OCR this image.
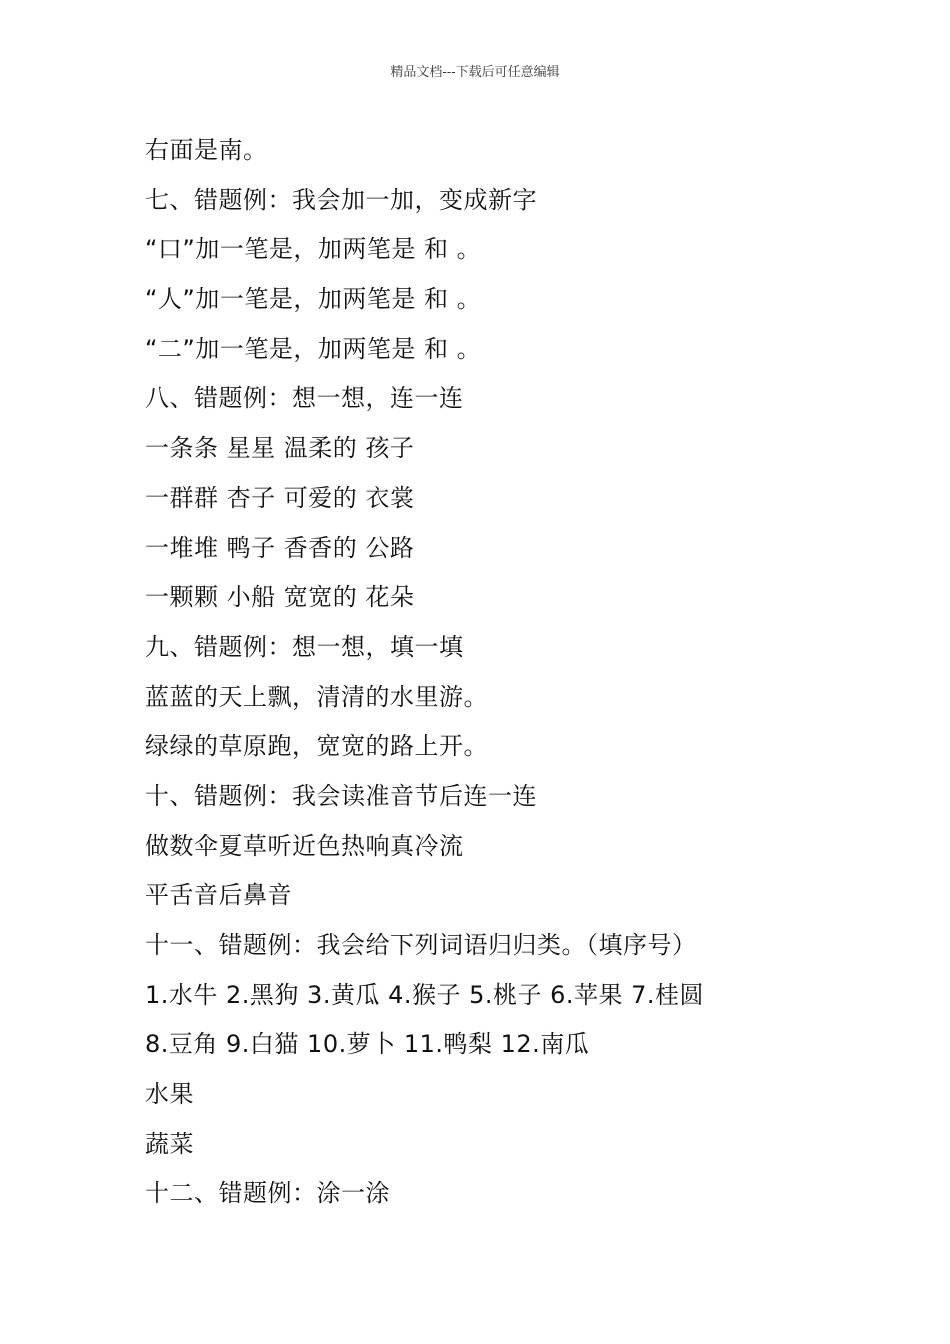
精品文档---下载后可任意编辑
右面是南。
七、错题例：我会加一加，变成新字
“口”加一笔是，加两笔是 和 。
“人”加一笔是，加两笔是 和 。
“二”加一笔是，加两笔是 和 。
八、错题例：想一想，连一连
一条条 星星 温柔的 孩子
一群群 杏子 可爱的 衣裳
一堆堆 鸭子 香香的 公路
一颗颗 小船 宽宽的 花朵
九、错题例：想一想，填一填
蓝蓝的天上飘，清清的水里游。
绿绿的草原跑，宽宽的路上开。
十、错题例：我会读准音节后连一连
做数伞夏草听近色热响真冷流
平舌音后鼻音
十一、错题例：我会给下列词语归归类。（填序号）
1.水牛 2.黑狗 3.黄瓜 4.猴子 5.桃子 6.苹果 7.桂圆
8.豆角 9.白猫 10.萝卜 11.鸭梨 12.南瓜
水果
蔬菜
十二、错题例：涂一涂
